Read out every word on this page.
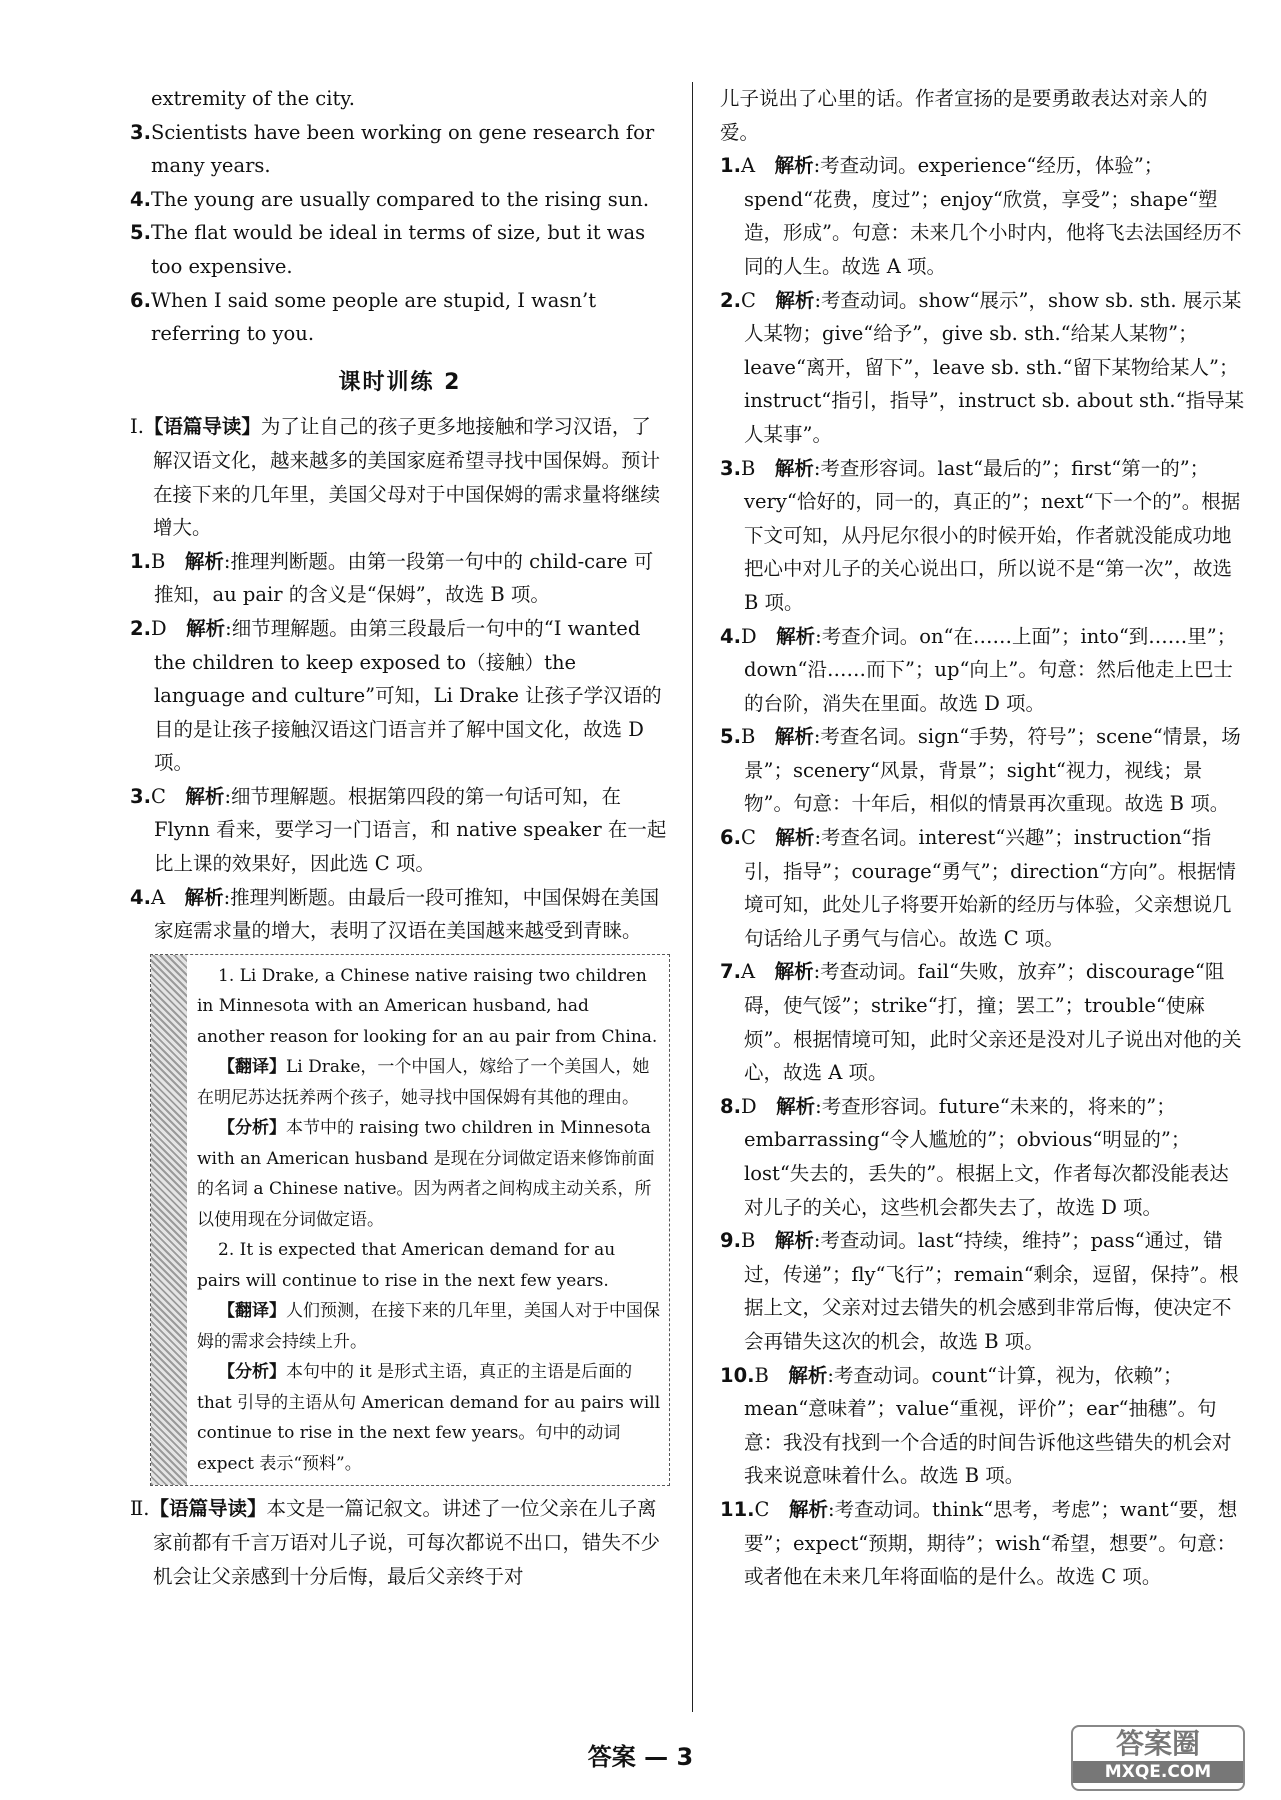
extremity of the city.

3.Scientists have been working on gene research for many years.

4.The young are usually compared to the rising sun.

5.The flat would be ideal in terms of size, but it was too expensive.

6.When I said some people are stupid, I wasn’t referring to you.

课时训练 2

Ⅰ.【语篇导读】为了让自己的孩子更多地接触和学习汉语，了解汉语文化，越来越多的美国家庭希望寻找中国保姆。预计在接下来的几年里，美国父母对于中国保姆的需求量将继续增大。

1.B　 解析:推理判断题。由第一段第一句中的 child-care 可推知，au pair 的含义是“保姆”，故选 B 项。

2.D　 解析:细节理解题。由第三段最后一句中的“I wanted the children to keep exposed to（接触）the language and culture”可知，Li Drake 让孩子学汉语的目的是让孩子接触汉语这门语言并了解中国文化，故选 D 项。

3.C　 解析:细节理解题。根据第四段的第一句话可知，在 Flynn 看来，要学习一门语言，和 native speaker 在一起比上课的效果好，因此选 C 项。

4.A　 解析:推理判断题。由最后一段可推知，中国保姆在美国家庭需求量的增大，表明了汉语在美国越来越受到青睐。

1. Li Drake, a Chinese native raising two children in Minnesota with an American husband, had another reason for looking for an au pair from China.

【翻译】Li Drake，一个中国人，嫁给了一个美国人，她在明尼苏达抚养两个孩子，她寻找中国保姆有其他的理由。

【分析】本节中的 raising two children in Minnesota with an American husband 是现在分词做定语来修饰前面的名词 a Chinese native。因为两者之间构成主动关系，所以使用现在分词做定语。

2. It is expected that American demand for au pairs will continue to rise in the next few years.

【翻译】人们预测，在接下来的几年里，美国人对于中国保姆的需求会持续上升。

【分析】本句中的 it 是形式主语，真正的主语是后面的 that 引导的主语从句 American demand for au pairs will continue to rise in the next few years。句中的动词 expect 表示“预料”。

Ⅱ.【语篇导读】本文是一篇记叙文。讲述了一位父亲在儿子离家前都有千言万语对儿子说，可每次都说不出口，错失不少机会让父亲感到十分后悔，最后父亲终于对

儿子说出了心里的话。作者宣扬的是要勇敢表达对亲人的爱。

1.A　 解析:考查动词。experience“经历，体验”；spend“花费，度过”；enjoy“欣赏，享受”；shape“塑造，形成”。句意：未来几个小时内，他将飞去法国经历不同的人生。故选 A 项。

2.C　 解析:考查动词。show“展示”，show sb. sth. 展示某人某物；give“给予”，give sb. sth.“给某人某物”；leave“离开，留下”，leave sb. sth.“留下某物给某人”；instruct“指引，指导”，instruct sb. about sth.“指导某人某事”。

3.B　 解析:考查形容词。last“最后的”；first“第一的”；very“恰好的，同一的，真正的”；next“下一个的”。根据下文可知，从丹尼尔很小的时候开始，作者就没能成功地把心中对儿子的关心说出口，所以说不是“第一次”，故选 B 项。

4.D　 解析:考查介词。on“在……上面”；into“到……里”；down“沿……而下”；up“向上”。句意：然后他走上巴士的台阶，消失在里面。故选 D 项。

5.B　 解析:考查名词。sign“手势，符号”；scene“情景，场景”；scenery“风景，背景”；sight“视力，视线；景物”。句意：十年后，相似的情景再次重现。故选 B 项。

6.C　 解析:考查名词。interest“兴趣”；instruction“指引，指导”；courage“勇气”；direction“方向”。根据情境可知，此处儿子将要开始新的经历与体验，父亲想说几句话给儿子勇气与信心。故选 C 项。

7.A　 解析:考查动词。fail“失败，放弃”；discourage“阻碍，使气馁”；strike“打，撞；罢工”；trouble“使麻烦”。根据情境可知，此时父亲还是没对儿子说出对他的关心，故选 A 项。

8.D　 解析:考查形容词。future“未来的，将来的”；embarrassing“令人尴尬的”；obvious“明显的”；lost“失去的，丢失的”。根据上文，作者每次都没能表达对儿子的关心，这些机会都失去了，故选 D 项。

9.B　 解析:考查动词。last“持续，维持”；pass“通过，错过，传递”；fly“飞行”；remain“剩余，逗留，保持”。根据上文，父亲对过去错失的机会感到非常后悔，使决定不会再错失这次的机会，故选 B 项。

10.B　 解析:考查动词。count“计算，视为，依赖”；mean“意味着”；value“重视，评价”；ear“抽穗”。句意：我没有找到一个合适的时间告诉他这些错失的机会对我来说意味着什么。故选 B 项。

11.C　 解析:考查动词。think“思考，考虑”；want“要，想要”；expect“预期，期待”；wish“希望，想要”。句意：或者他在未来几年将面临的是什么。故选 C 项。

答案 — 3	答案圈
MXQE.COM
